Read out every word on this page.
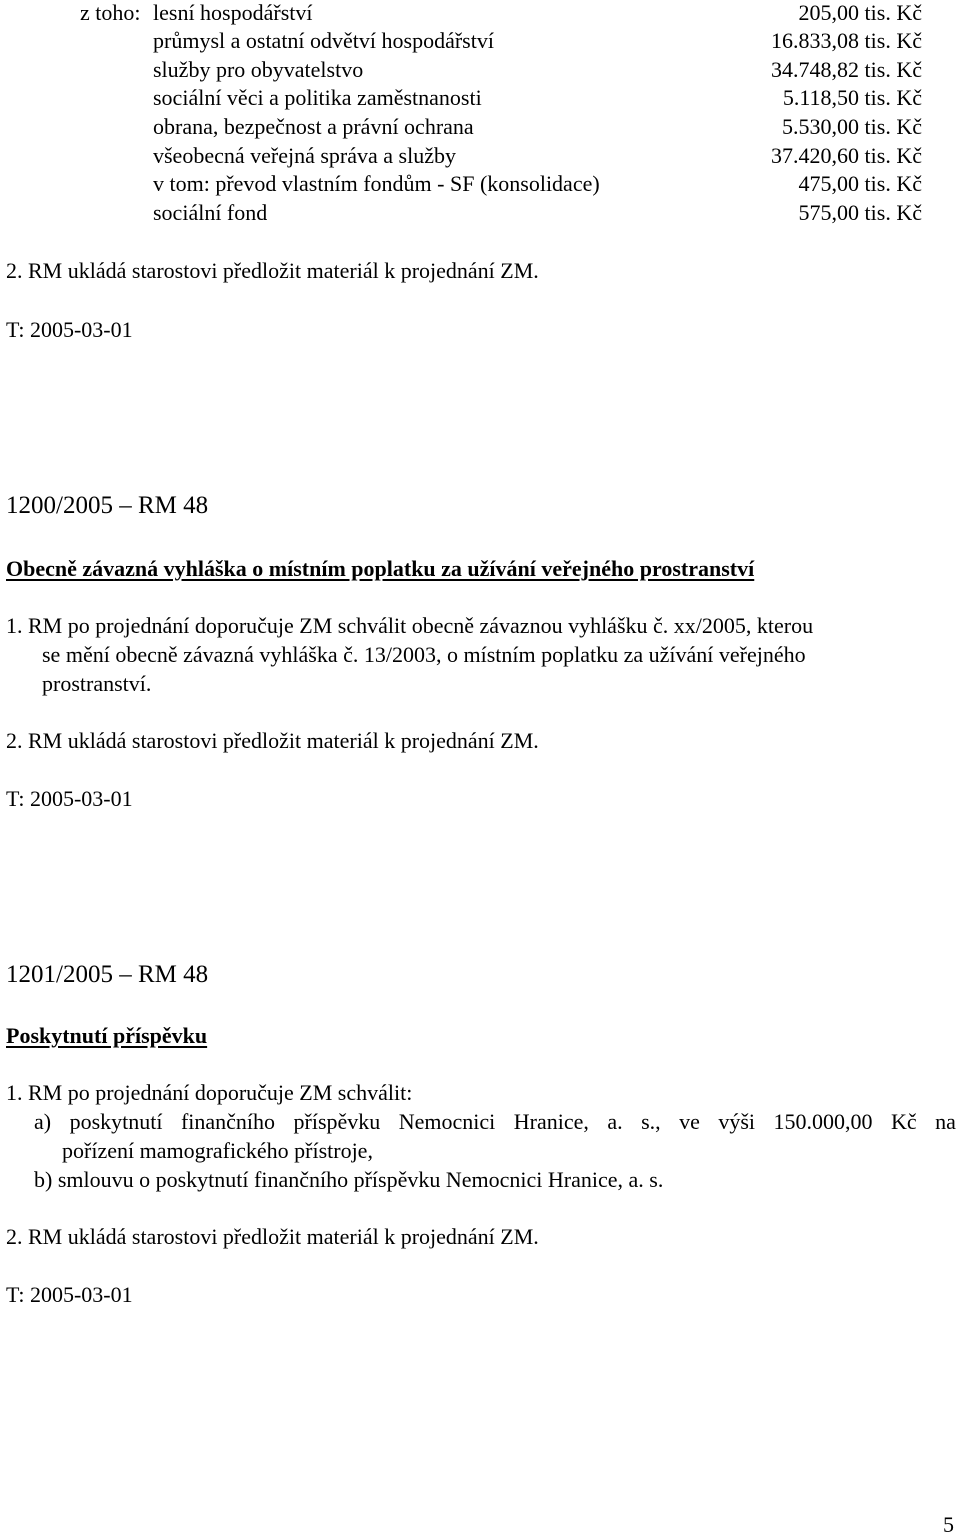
z toho: lesní hospodářství	205,00 tis. Kč
průmysl a ostatní odvětví hospodářství	16.833,08 tis. Kč
služby pro obyvatelstvo	34.748,82 tis. Kč
sociální věci a politika zaměstnanosti	5.118,50 tis. Kč
obrana, bezpečnost a právní ochrana	5.530,00 tis. Kč
všeobecná veřejná správa a služby	37.420,60 tis. Kč
v tom: převod vlastním fondům - SF (konsolidace)	475,00 tis. Kč
sociální fond	575,00 tis. Kč
2. RM ukládá starostovi předložit materiál k projednání ZM.
T: 2005-03-01
1200/2005 – RM 48
Obecně závazná vyhláška o místním poplatku za užívání veřejného prostranství
1. RM po projednání doporučuje ZM schválit obecně závaznou vyhlášku č. xx/2005, kterou
se mění obecně závazná vyhláška č. 13/2003, o místním poplatku za užívání veřejného
prostranství.
2. RM ukládá starostovi předložit materiál k projednání ZM.
T: 2005-03-01
1201/2005 – RM 48
Poskytnutí příspěvku
1. RM po projednání doporučuje ZM schválit:
a) poskytnutí finančního příspěvku Nemocnici Hranice, a. s., ve výši 150.000,00 Kč na
pořízení mamografického přístroje,
b) smlouvu o poskytnutí finančního příspěvku Nemocnici Hranice, a. s.
2. RM ukládá starostovi předložit materiál k projednání ZM.
T: 2005-03-01
5
